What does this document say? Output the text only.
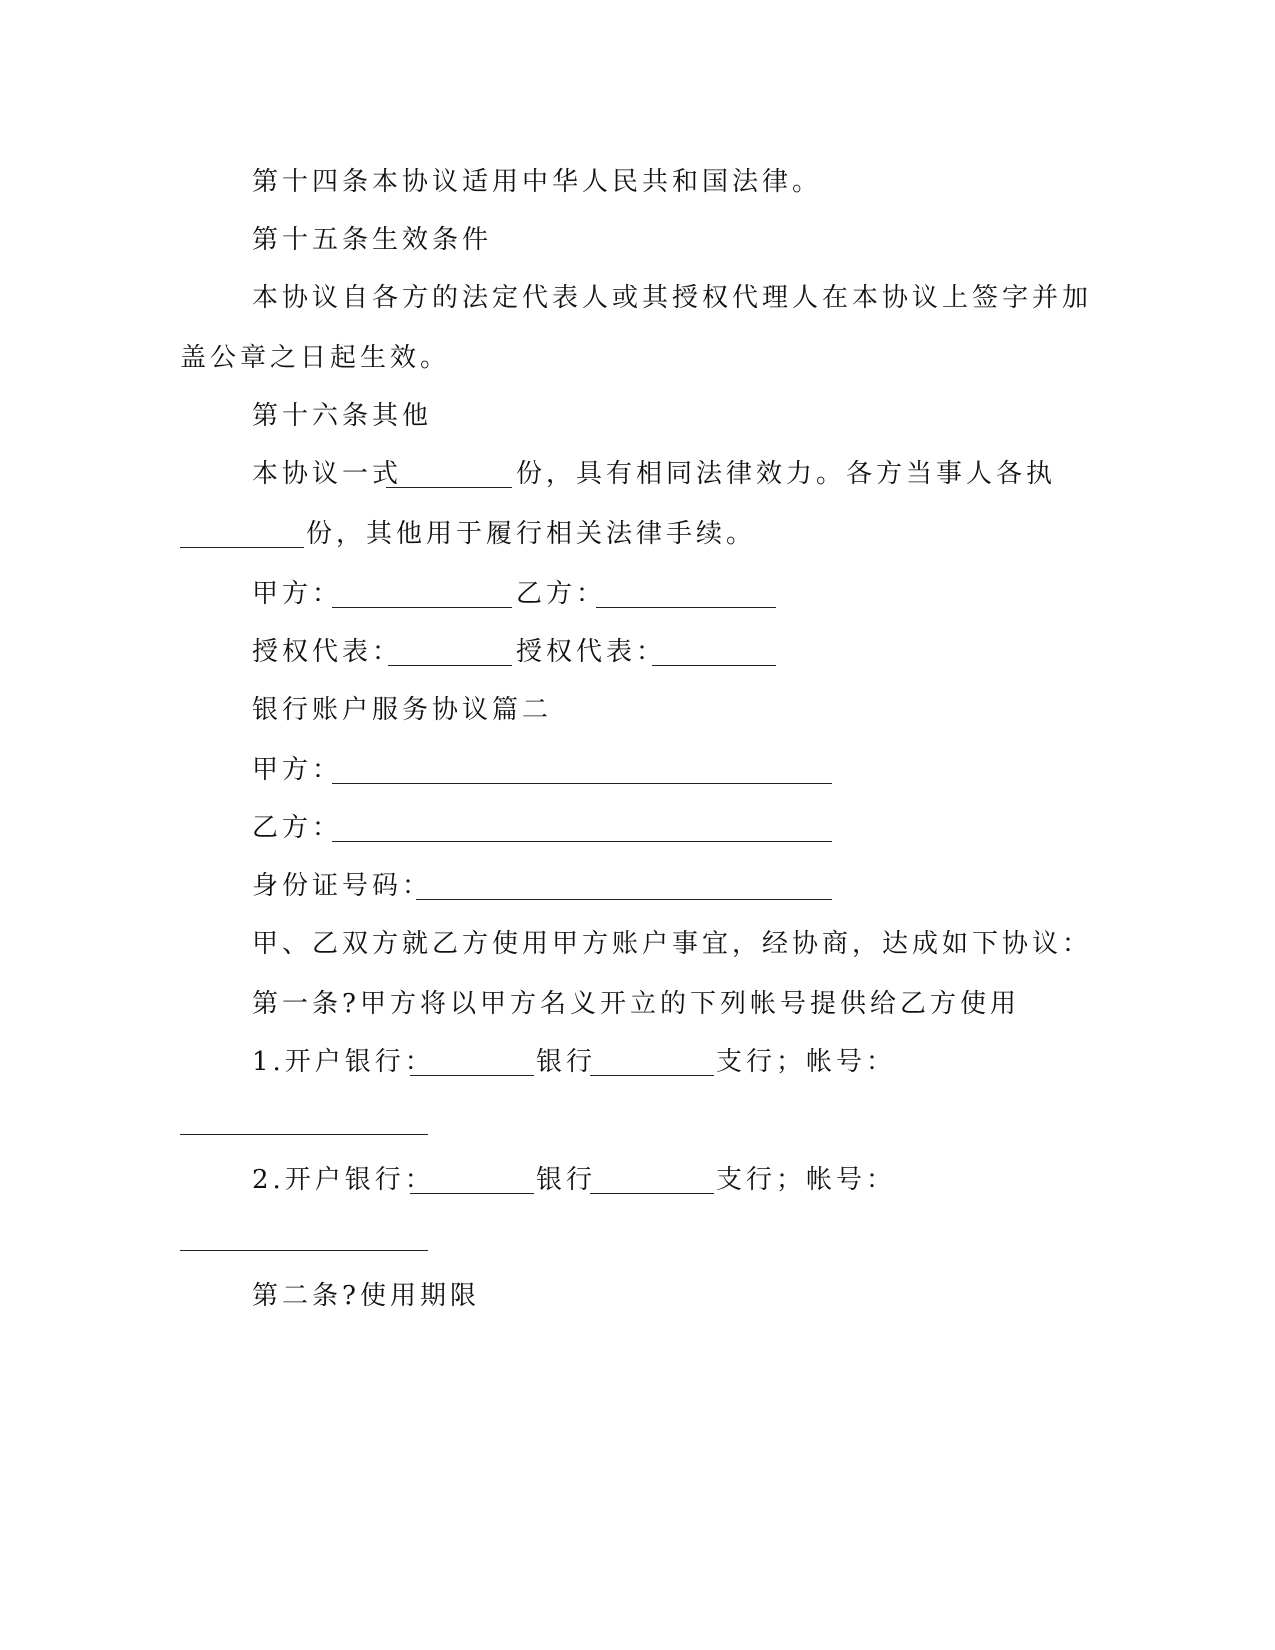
第十四条本协议适用中华人民共和国法律。
第十五条生效条件
本协议自各方的法定代表人或其授权代理人在本协议上签字并加
盖公章之日起生效。
第十六条其他
本协议一式	份，具有相同法律效力。各方当事人各执
份，其他用于履行相关法律手续。
甲方：	乙方：
授权代表：	授权代表：
银行账户服务协议篇二
甲方：
乙方：
身份证号码：
甲、乙双方就乙方使用甲方账户事宜，经协商，达成如下协议：
第一条?甲方将以甲方名义开立的下列帐号提供给乙方使用
1.开户银行：	银行	支行；帐号：
2.开户银行：	银行	支行；帐号：
第二条?使用期限
